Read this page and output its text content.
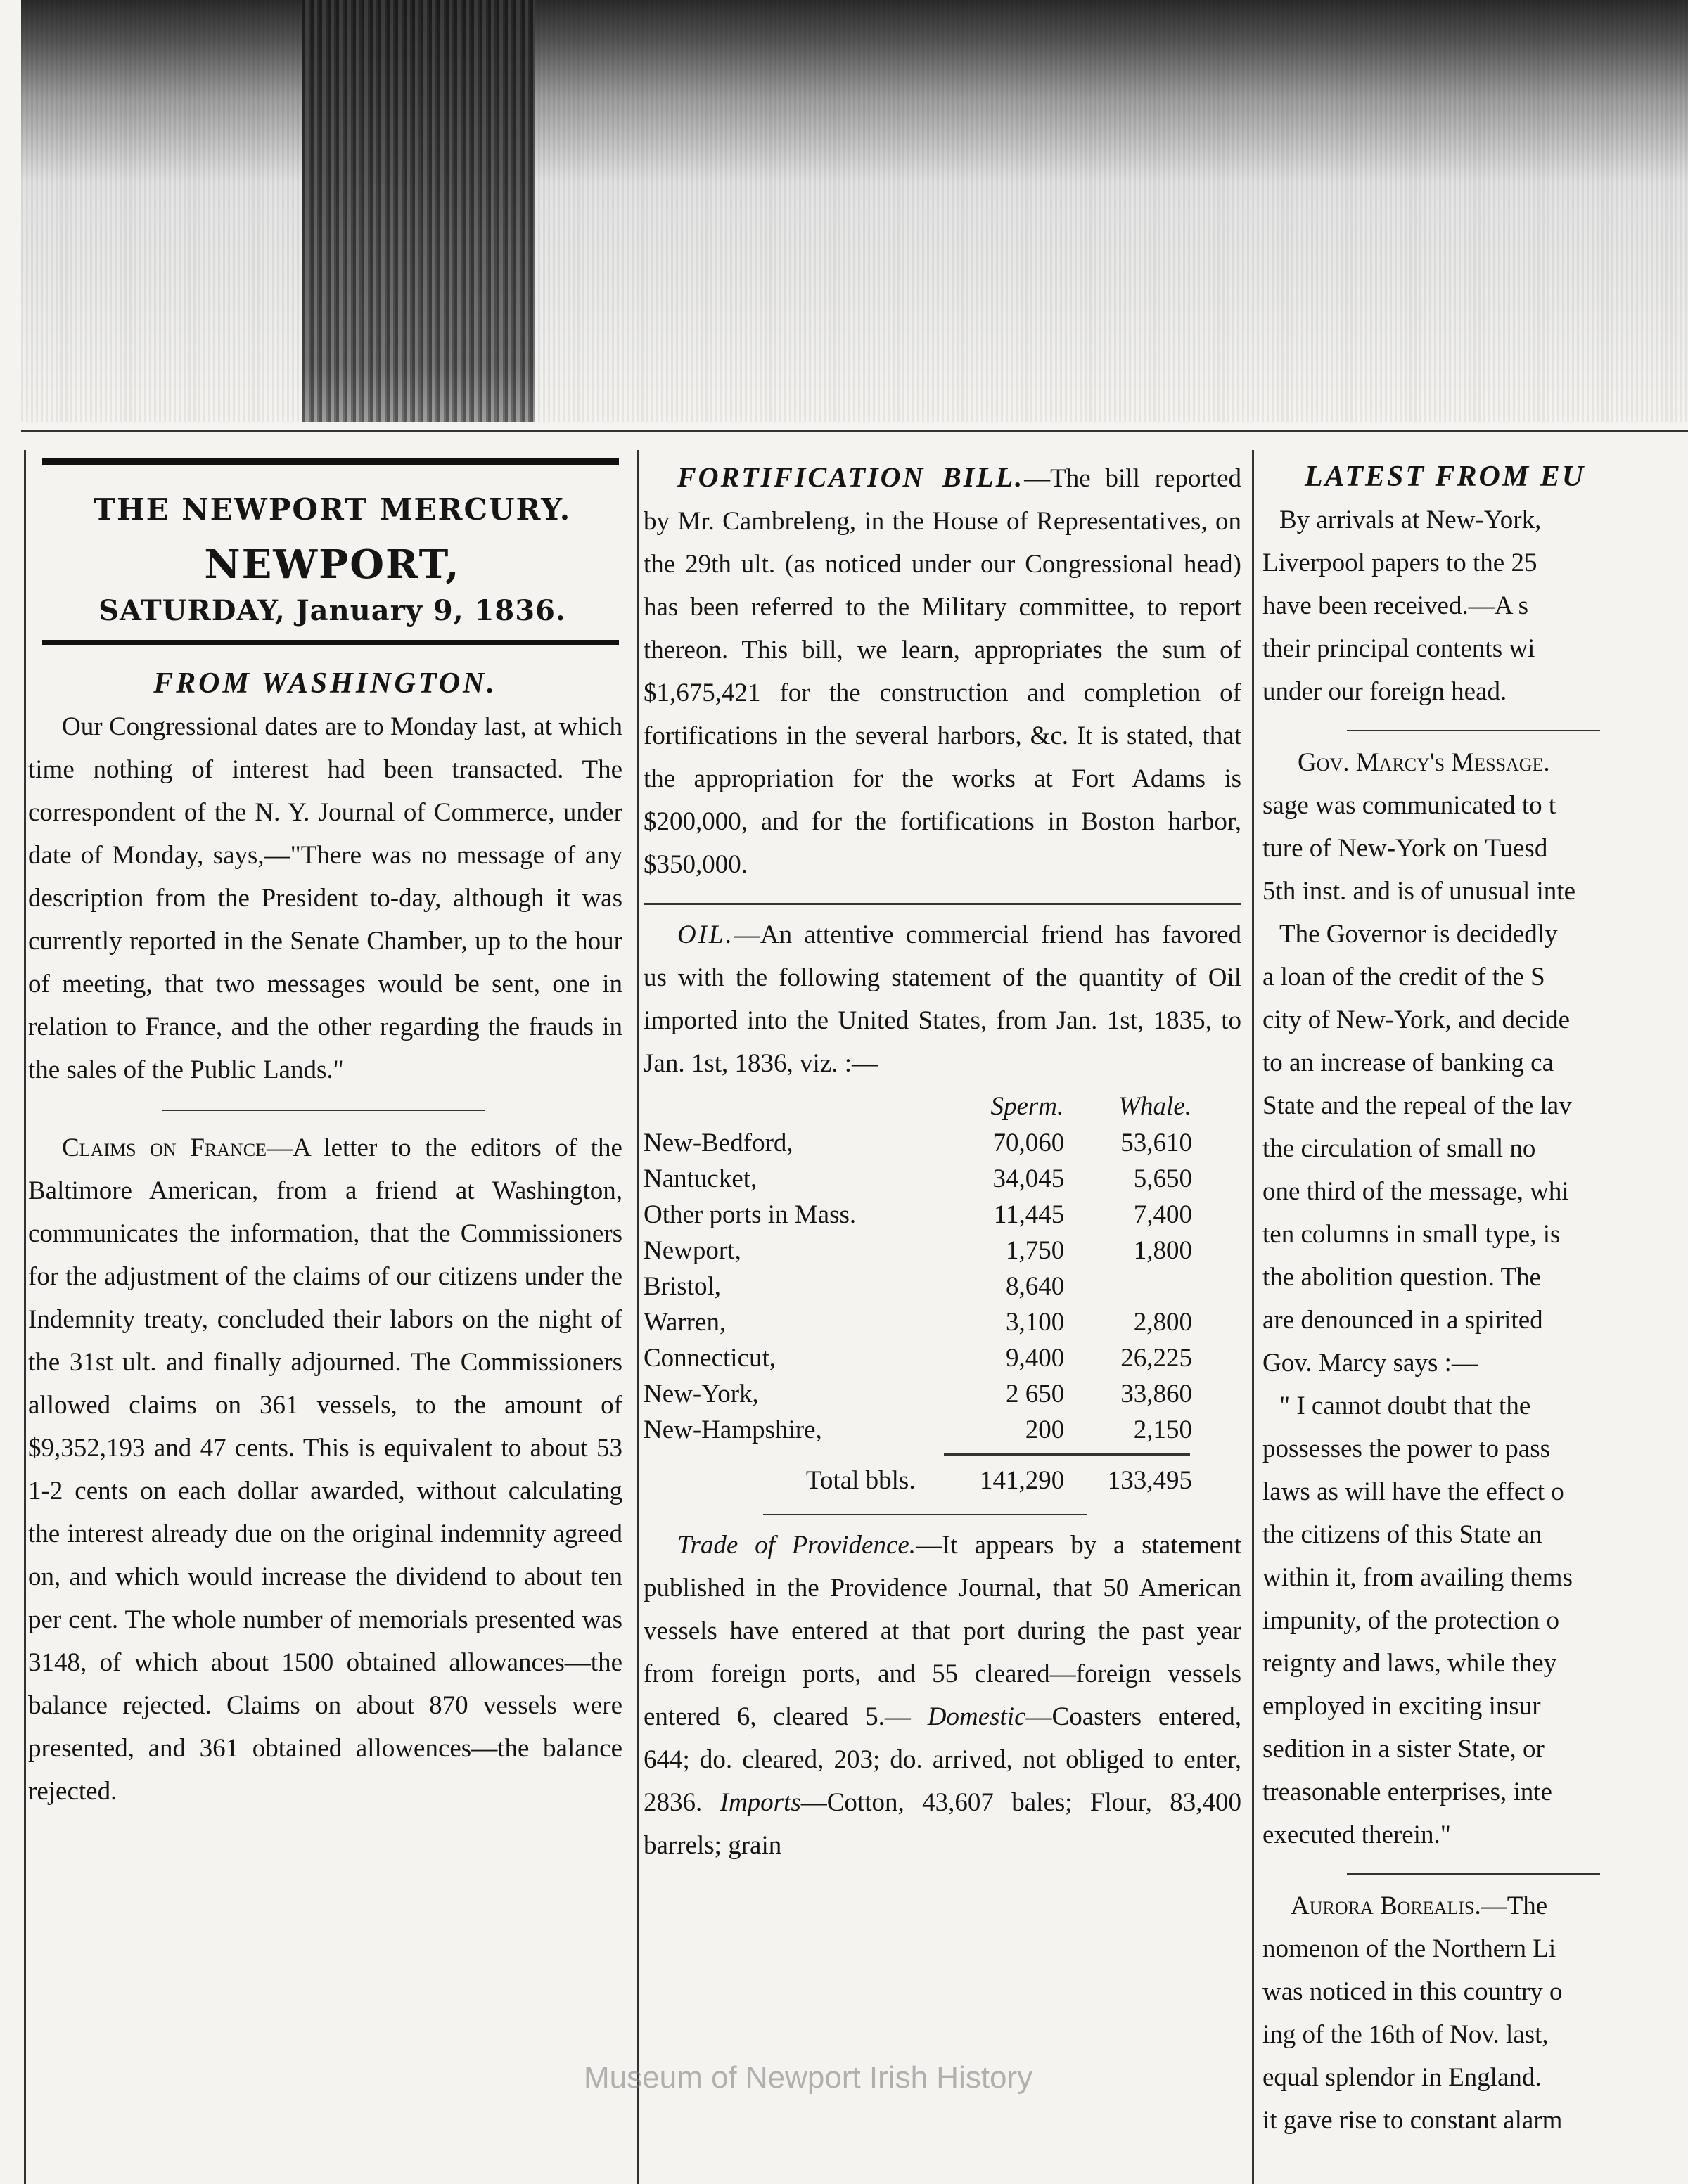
THE NEWPORT MERCURY.
NEWPORT,
SATURDAY, January 9, 1836.
FROM WASHINGTON.

Our Congressional dates are to Monday last, at which time nothing of interest had been transacted. The correspondent of the N. Y. Journal of Commerce, under date of Monday, says,—"There was no message of any description from the President to-day, although it was currently reported in the Senate Chamber, up to the hour of meeting, that two messages would be sent, one in relation to France, and the other regarding the frauds in the sales of the Public Lands."

Claims on France—A letter to the editors of the Baltimore American, from a friend at Washington, communicates the information, that the Commissioners for the adjustment of the claims of our citizens under the Indemnity treaty, concluded their labors on the night of the 31st ult. and finally adjourned. The Commissioners allowed claims on 361 vessels, to the amount of $9,352,193 and 47 cents. This is equivalent to about 53 1-2 cents on each dollar awarded, without calculating the interest already due on the original indemnity agreed on, and which would increase the dividend to about ten per cent. The whole number of memorials presented was 3148, of which about 1500 obtained allowances—the balance rejected. Claims on about 870 vessels were presented, and 361 obtained allowences—the balance rejected.

FORTIFICATION BILL.—The bill reported by Mr. Cambreleng, in the House of Representatives, on the 29th ult. (as noticed under our Congressional head) has been referred to the Military committee, to report thereon. This bill, we learn, appropriates the sum of $1,675,421 for the construction and completion of fortifications in the several harbors, &c. It is stated, that the appropriation for the works at Fort Adams is $200,000, and for the fortifications in Boston harbor, $350,000.

OIL.—An attentive commercial friend has favored us with the following statement of the quantity of Oil imported into the United States, from Jan. 1st, 1835, to Jan. 1st, 1836, viz. :—

	Sperm.	Whale.
New-Bedford,	70,060	53,610
Nantucket,	34,045	5,650
Other ports in Mass.	11,445	7,400
Newport,	1,750	1,800
Bristol,	8,640	
Warren,	3,100	2,800
Connecticut,	9,400	26,225
New-York,	2 650	33,860
New-Hampshire,	200	2,150

Total bbls.	141,290	133,495

Trade of Providence.—It appears by a statement published in the Providence Journal, that 50 American vessels have entered at that port during the past year from foreign ports, and 55 cleared—foreign vessels entered 6, cleared 5.— Domestic—Coasters entered, 644; do. cleared, 203; do. arrived, not obliged to enter, 2836. Imports—Cotton, 43,607 bales; Flour, 83,400 barrels; grain

LATEST FROM EU
By arrivals at New-York,
Liverpool papers to the 25
have been received.—A s
their principal contents wi
under our foreign head.
Gov. Marcy's Message.
sage was communicated to t
ture of New-York on Tuesd
5th inst. and is of unusual inte
The Governor is decidedly
a loan of the credit of the S
city of New-York, and decide
to an increase of banking ca
State and the repeal of the lav
the circulation of small no
one third of the message, whi
ten columns in small type, is
the abolition question. The
are denounced in a spirited
Gov. Marcy says :—
" I cannot doubt that the
possesses the power to pass
laws as will have the effect o
the citizens of this State an
within it, from availing thems
impunity, of the protection o
reignty and laws, while they
employed in exciting insur
sedition in a sister State, or
treasonable enterprises, inte
executed therein."
Aurora Borealis.—The
nomenon of the Northern Li
was noticed in this country o
ing of the 16th of Nov. last,
equal splendor in England.
it gave rise to constant alarm
Museum of Newport Irish History
